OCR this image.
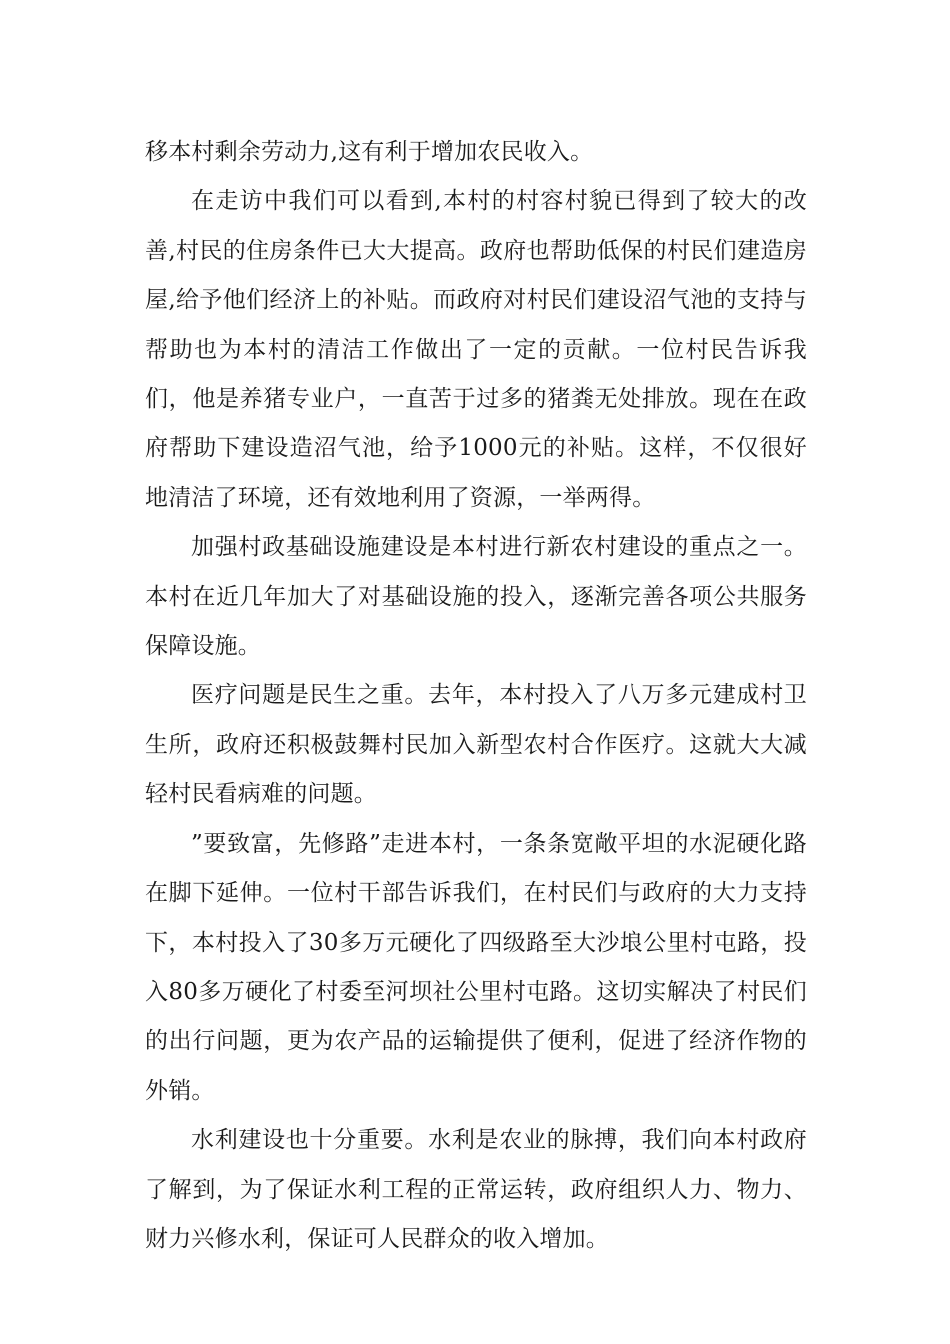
移本村剩余劳动力,这有利于增加农民收入。

在走访中我们可以看到,本村的村容村貌已得到了较大的改善,村民的住房条件已大大提高。政府也帮助低保的村民们建造房屋,给予他们经济上的补贴。而政府对村民们建设沼气池的支持与帮助也为本村的清洁工作做出了一定的贡献。一位村民告诉我们，他是养猪专业户，一直苦于过多的猪粪无处排放。现在在政府帮助下建设造沼气池，给予1000元的补贴。这样，不仅很好地清洁了环境，还有效地利用了资源，一举两得。

加强村政基础设施建设是本村进行新农村建设的重点之一。本村在近几年加大了对基础设施的投入，逐渐完善各项公共服务保障设施。

医疗问题是民生之重。去年，本村投入了八万多元建成村卫生所，政府还积极鼓舞村民加入新型农村合作医疗。这就大大减轻村民看病难的问题。

”要致富，先修路”走进本村，一条条宽敞平坦的水泥硬化路在脚下延伸。一位村干部告诉我们，在村民们与政府的大力支持下，本村投入了30多万元硬化了四级路至大沙埌公里村屯路，投入80多万硬化了村委至河坝社公里村屯路。这切实解决了村民们的出行问题，更为农产品的运输提供了便利，促进了经济作物的外销。

水利建设也十分重要。水利是农业的脉搏，我们向本村政府了解到，为了保证水利工程的正常运转，政府组织人力、物力、财力兴修水利，保证可人民群众的收入增加。
